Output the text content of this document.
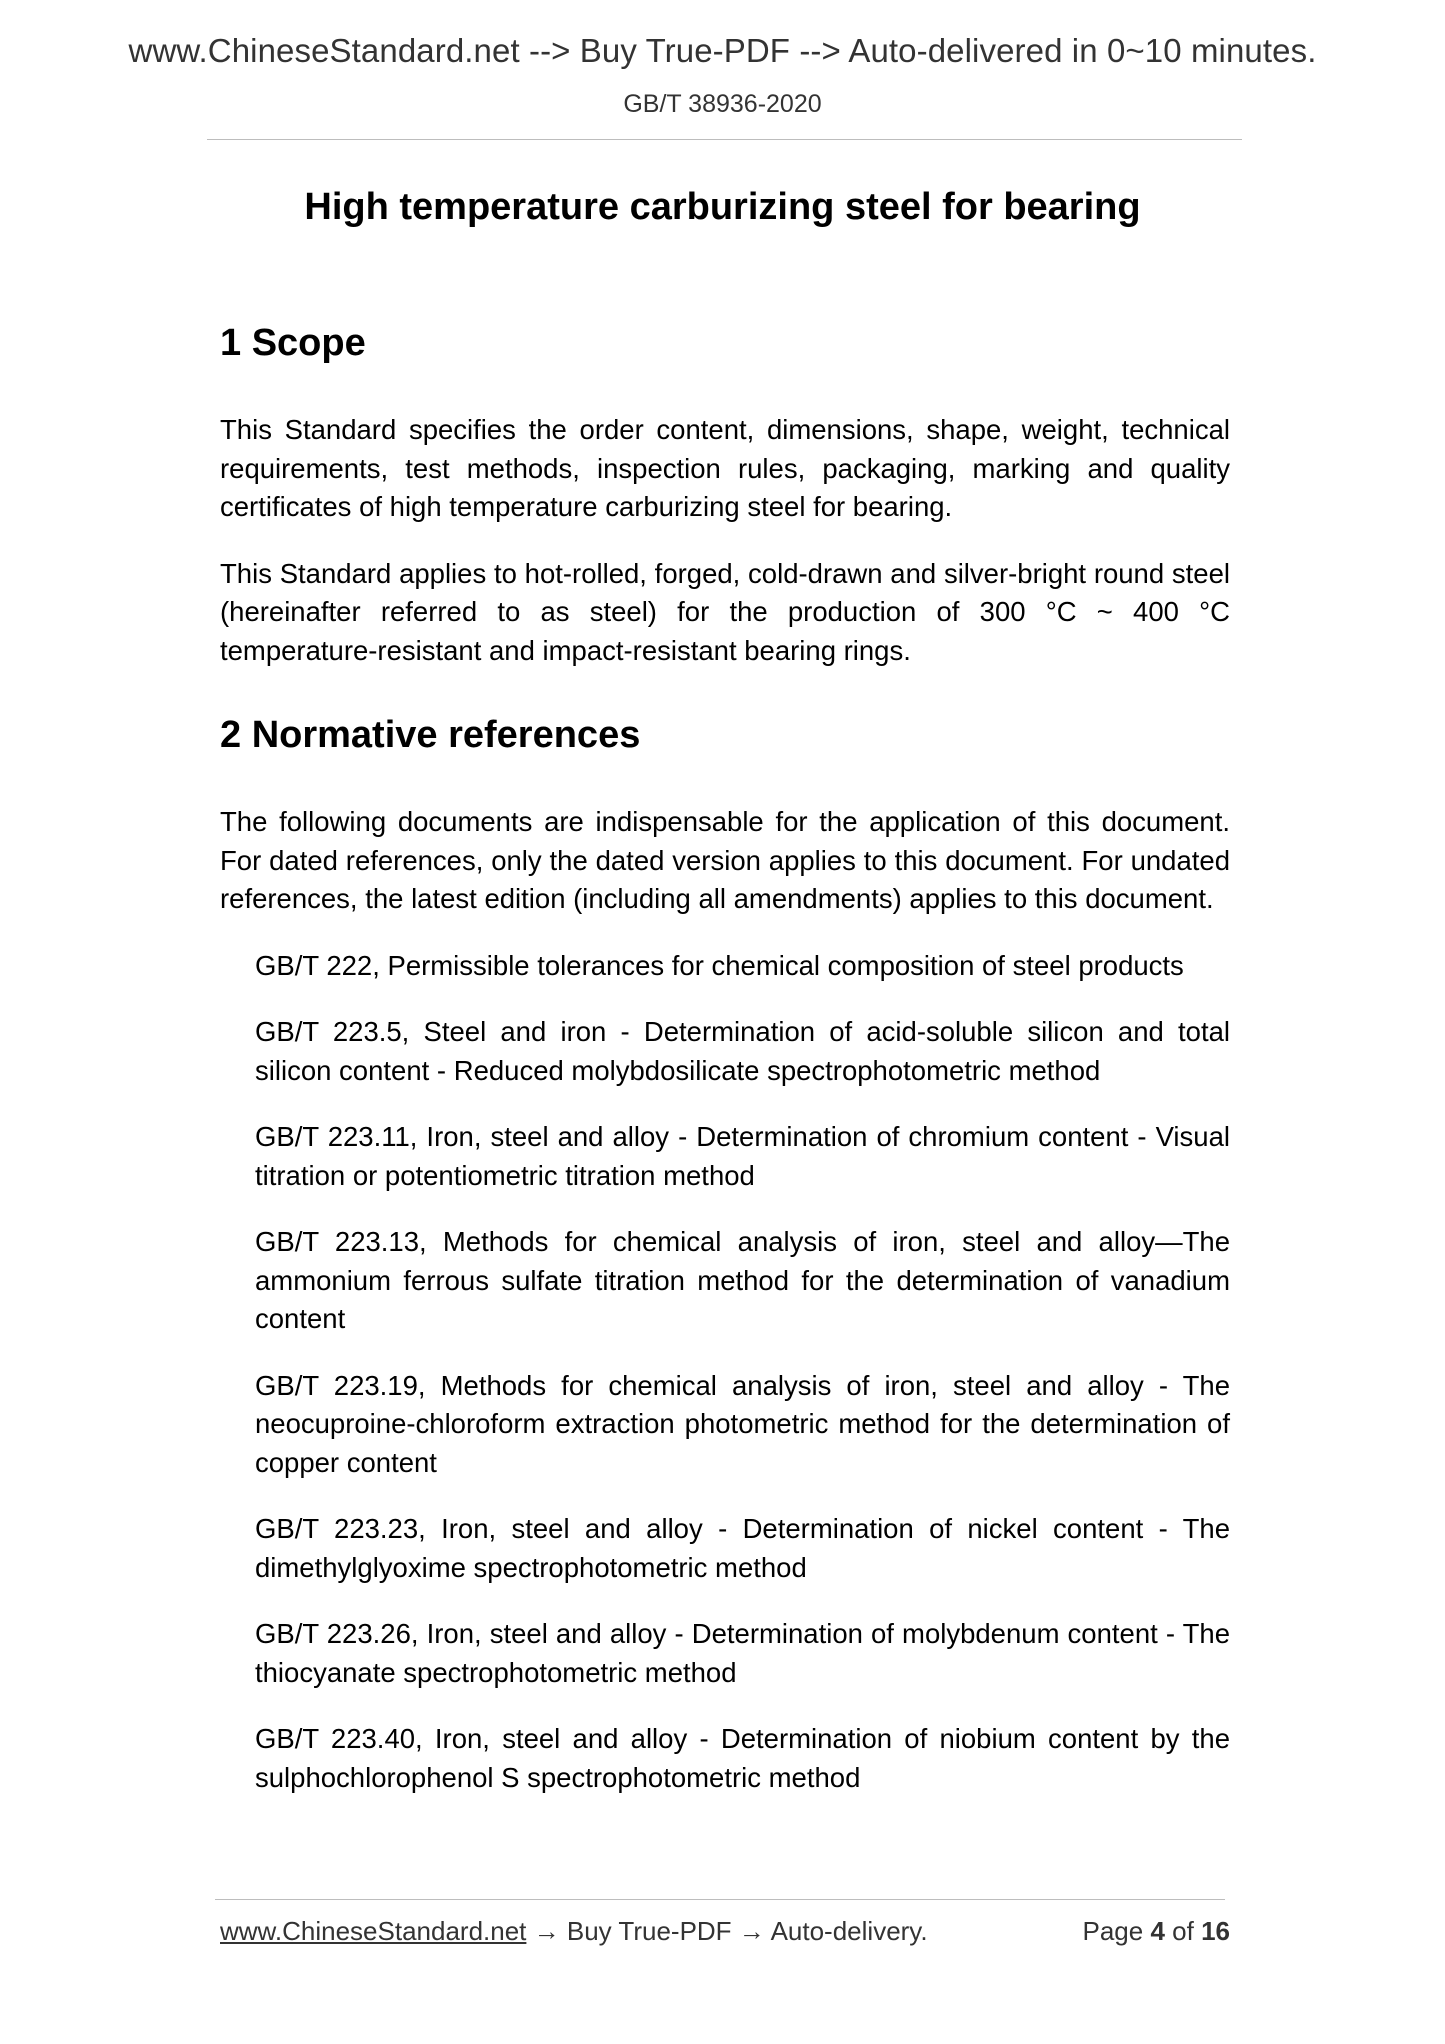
www.ChineseStandard.net --> Buy True-PDF --> Auto-delivered in 0~10 minutes.
GB/T 38936-2020
High temperature carburizing steel for bearing
1 Scope

This Standard specifies the order content, dimensions, shape, weight, technical requirements, test methods, inspection rules, packaging, marking and quality certificates of high temperature carburizing steel for bearing.

This Standard applies to hot-rolled, forged, cold-drawn and silver-bright round steel (hereinafter referred to as steel) for the production of 300 °C ~ 400 °C temperature-resistant and impact-resistant bearing rings.

2 Normative references

The following documents are indispensable for the application of this document. For dated references, only the dated version applies to this document. For undated references, the latest edition (including all amendments) applies to this document.

GB/T 222, Permissible tolerances for chemical composition of steel products

GB/T 223.5, Steel and iron - Determination of acid-soluble silicon and total silicon content - Reduced molybdosilicate spectrophotometric method

GB/T 223.11, Iron, steel and alloy - Determination of chromium content - Visual titration or potentiometric titration method

GB/T 223.13, Methods for chemical analysis of iron, steel and alloy—The ammonium ferrous sulfate titration method for the determination of vanadium content

GB/T 223.19, Methods for chemical analysis of iron, steel and alloy - The neocuproine-chloroform extraction photometric method for the determination of copper content

GB/T 223.23, Iron, steel and alloy - Determination of nickel content - The dimethylglyoxime spectrophotometric method

GB/T 223.26, Iron, steel and alloy - Determination of molybdenum content - The thiocyanate spectrophotometric method

GB/T 223.40, Iron, steel and alloy - Determination of niobium content by the sulphochlorophenol S spectrophotometric method

www.ChineseStandard.net → Buy True-PDF → Auto-delivery.	Page 4 of 16
